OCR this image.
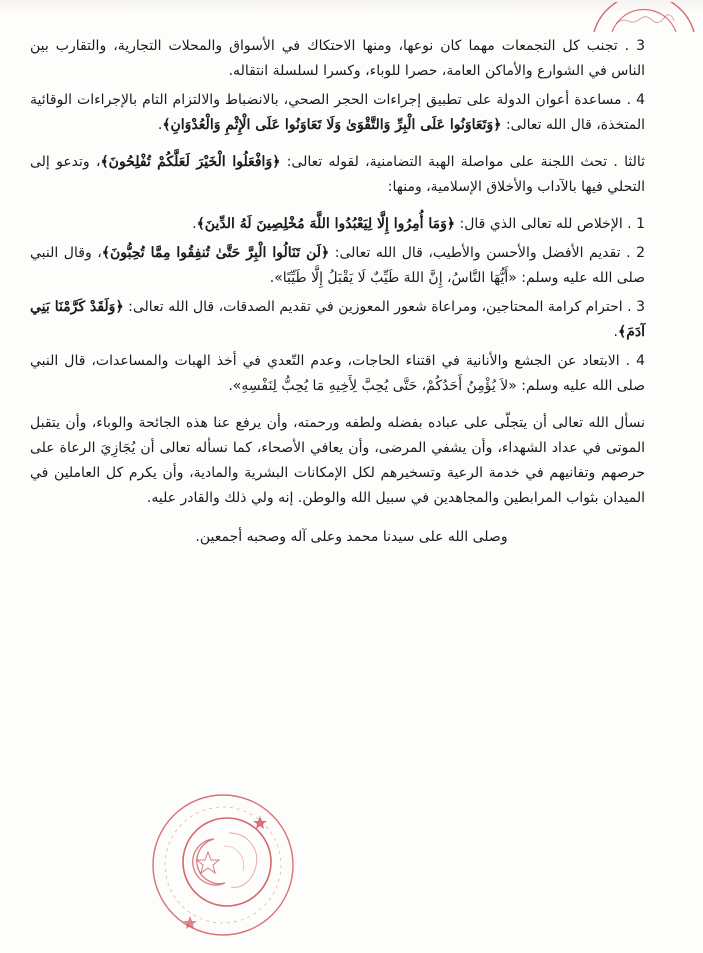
3 . تجنب كل التجمعات مهما كان نوعها، ومنها الاحتكاك في الأسواق والمحلات التجارية، والتقارب بين الناس في الشوارع والأماكن العامة، حصرا للوباء، وكسرا لسلسلة انتقاله.

4 . مساعدة أعوان الدولة على تطبيق إجراءات الحجر الصحي، بالانضباط والالتزام التام بالإجراءات الوقائية المتخذة، قال الله تعالى: ﴿وَتَعَاوَنُوا عَلَى الْبِرِّ وَالتَّقْوَىٰ وَلَا تَعَاوَنُوا عَلَى الْإِثْمِ وَالْعُدْوَانِ﴾.

ثالثا . تحث اللجنة على مواصلة الهبة التضامنية، لقوله تعالى: ﴿وَافْعَلُوا الْخَيْرَ لَعَلَّكُمْ تُفْلِحُونَ﴾، وتدعو إلى التحلي فيها بالآداب والأخلاق الإسلامية، ومنها:

1 . الإخلاص لله تعالى الذي قال: ﴿وَمَا أُمِرُوا إِلَّا لِيَعْبُدُوا اللَّهَ مُخْلِصِينَ لَهُ الدِّينَ﴾.

2 . تقديم الأفضل والأحسن والأطيب، قال الله تعالى: ﴿لَن تَنَالُوا الْبِرَّ حَتَّىٰ تُنفِقُوا مِمَّا تُحِبُّونَ﴾، وقال النبي صلى الله عليه وسلم: «أَيُّهَا النَّاسُ، إِنَّ اللهَ طَيِّبٌ لَا يَقْبَلُ إِلَّا طَيِّبًا».

3 . احترام كرامة المحتاجين، ومراعاة شعور المعوزين في تقديم الصدقات، قال الله تعالى: ﴿وَلَقَدْ كَرَّمْنَا بَنِي آدَمَ﴾.

4 . الابتعاد عن الجشع والأنانية في اقتناء الحاجات، وعدم التّعدي في أخذ الهبات والمساعدات، قال النبي صلى الله عليه وسلم: «لاَ يُؤْمِنُ أَحَدُكُمْ، حَتَّى يُحِبَّ لِأَخِيهِ مَا يُحِبُّ لِنَفْسِهِ».

نسأل الله تعالى أن يتجلّى على عباده بفضله ولطفه ورحمته، وأن يرفع عنا هذه الجائحة والوباء، وأن يتقبل الموتى في عداد الشهداء، وأن يشفي المرضى، وأن يعافي الأصحاء، كما نسأله تعالى أن يُجَازِيَ الرعاة على حرصهم وتفانيهم في خدمة الرعية وتسخيرهم لكل الإمكانات البشرية والمادية، وأن يكرم كل العاملين في الميدان بثواب المرابطين والمجاهدين في سبيل الله والوطن. إنه ولي ذلك والقادر عليه.

وصلى الله على سيدنا محمد وعلى آله وصحبه أجمعين.
